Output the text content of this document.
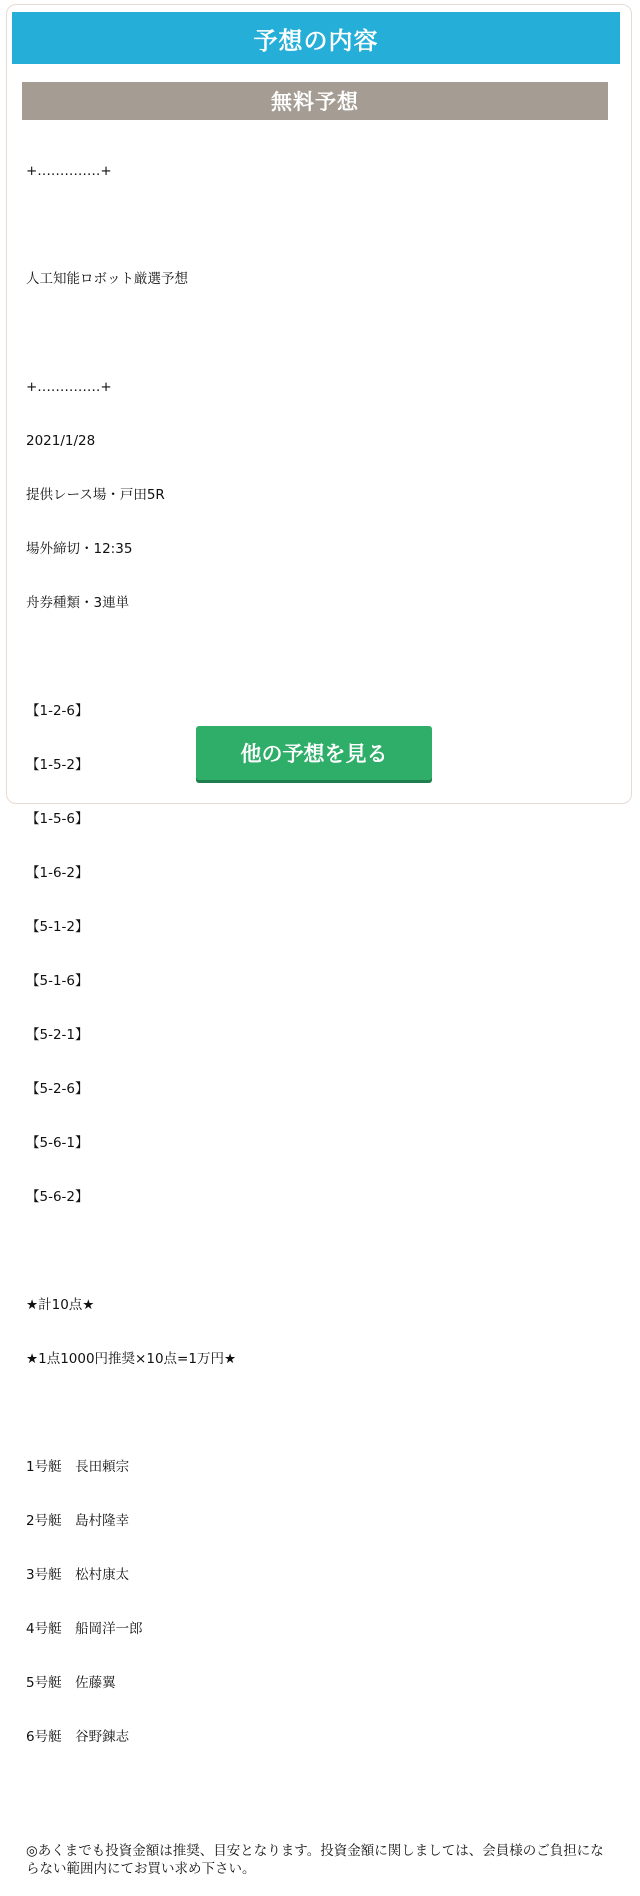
予想の内容
無料予想

+‥‥‥‥‥‥‥+

人工知能ロボット厳選予想

+‥‥‥‥‥‥‥+

2021/1/28

提供レース場・戸田5R

場外締切・12:35

舟券種類・3連単

【1-2-6】

【1-5-2】

【1-5-6】

【1-6-2】

【5-1-2】

【5-1-6】

【5-2-1】

【5-2-6】

【5-6-1】

【5-6-2】

★計10点★

★1点1000円推奨×10点=1万円★

1号艇　長田頼宗

2号艇　島村隆幸

3号艇　松村康太

4号艇　船岡洋一郎

5号艇　佐藤翼

6号艇　谷野錬志

◎あくまでも投資金額は推奨、目安となります。投資金額に関しましては、会員様のご負担にならない範囲内にてお買い求め下さい。

他の予想を見る
